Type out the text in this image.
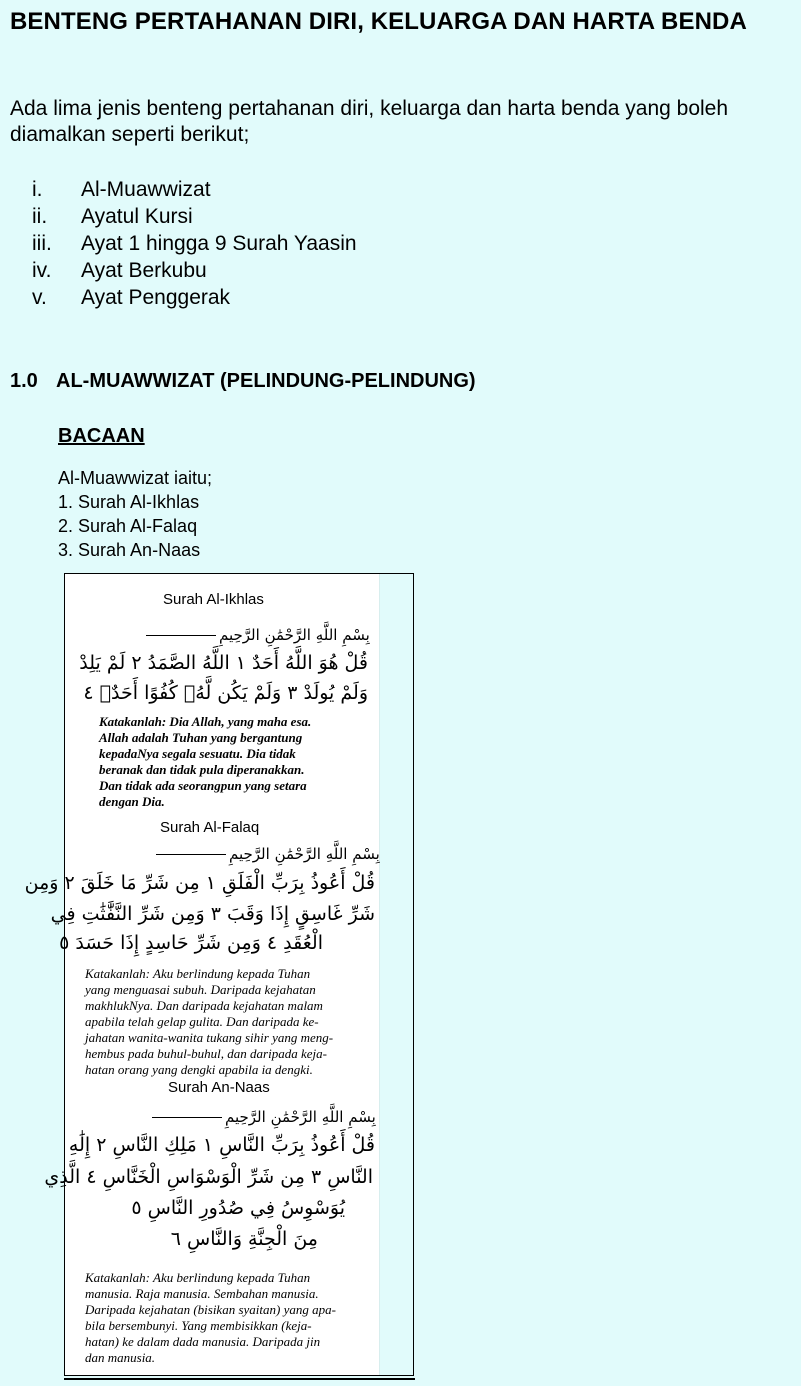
BENTENG PERTAHANAN DIRI, KELUARGA DAN HARTA BENDA
Ada lima jenis benteng pertahanan diri, keluarga dan harta benda yang boleh diamalkan seperti berikut;
i.	Al-Muawwizat
ii.	Ayatul Kursi
iii.	Ayat 1 hingga 9 Surah Yaasin
iv.	Ayat Berkubu
v.	Ayat Penggerak
1.0 AL-MUAWWIZAT (PELINDUNG-PELINDUNG)
BACAAN
Al-Muawwizat iaitu;
1. Surah Al-Ikhlas
2. Surah Al-Falaq
3. Surah An-Naas
Surah Al-Ikhlas
بِسْمِ اللَّهِ الرَّحْمَٰنِ الرَّحِيمِ
قُلْ هُوَ اللَّهُ أَحَدٌ ١ اللَّهُ الصَّمَدُ ٢ لَمْ يَلِدْ
وَلَمْ يُولَدْ ٣ وَلَمْ يَكُن لَّهُۥ كُفُوًا أَحَدٌۢ ٤
Katakanlah: Dia Allah, yang maha esa.
Allah adalah Tuhan yang bergantung
kepadaNya segala sesuatu. Dia tidak
beranak dan tidak pula diperanakkan.
Dan tidak ada seorangpun yang setara
dengan Dia.
Surah Al-Falaq
بِسْمِ اللَّهِ الرَّحْمَٰنِ الرَّحِيمِ
قُلْ أَعُوذُ بِرَبِّ الْفَلَقِ ١ مِن شَرِّ مَا خَلَقَ ٢ وَمِن
شَرِّ غَاسِقٍ إِذَا وَقَبَ ٣ وَمِن شَرِّ النَّفَّٰثَٰتِ فِي
الْعُقَدِ ٤ وَمِن شَرِّ حَاسِدٍ إِذَا حَسَدَ ٥
Katakanlah: Aku berlindung kepada Tuhan
yang menguasai subuh. Daripada kejahatan
makhlukNya. Dan daripada kejahatan malam
apabila telah gelap gulita. Dan daripada ke-
jahatan wanita-wanita tukang sihir yang meng-
hembus pada buhul-buhul, dan daripada keja-
hatan orang yang dengki apabila ia dengki.
Surah An-Naas
بِسْمِ اللَّهِ الرَّحْمَٰنِ الرَّحِيمِ
قُلْ أَعُوذُ بِرَبِّ النَّاسِ ١ مَلِكِ النَّاسِ ٢ إِلَٰهِ
النَّاسِ ٣ مِن شَرِّ الْوَسْوَاسِ الْخَنَّاسِ ٤ الَّذِي
يُوَسْوِسُ فِي صُدُورِ النَّاسِ ٥
مِنَ الْجِنَّةِ وَالنَّاسِ ٦
Katakanlah: Aku berlindung kepada Tuhan
manusia. Raja manusia. Sembahan manusia.
Daripada kejahatan (bisikan syaitan) yang apa-
bila bersembunyi. Yang membisikkan (keja-
hatan) ke dalam dada manusia. Daripada jin
dan manusia.
